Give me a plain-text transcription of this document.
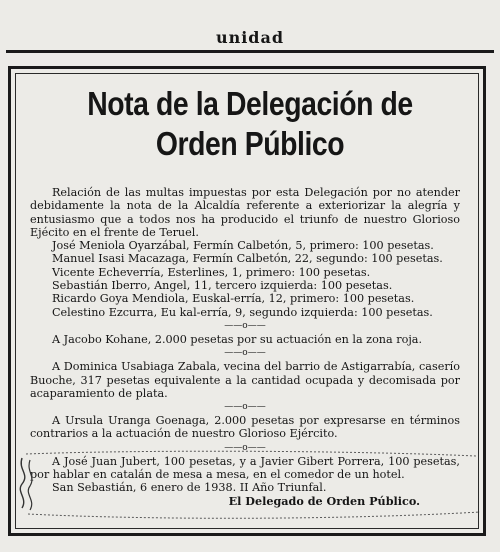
unidad
Nota de la Delegación de Orden Público

Relación de las multas impuestas por esta Delegación por no atender debidamente la nota de la Alcaldía referente a exteriorizar la alegría y entusiasmo que a todos nos ha producido el triunfo de nuestro Glorioso Ejécito en el frente de Teruel.

José Meniola Oyarzábal, Fermín Calbetón, 5, primero: 100 pesetas.

Manuel Isasi Macazaga, Fermín Calbetón, 22, segundo: 100 pesetas.

Vicente Echeverría, Esterlines, 1, primero: 100 pesetas.

Sebastián Iberro, Angel, 11, tercero izquierda: 100 pesetas.

Ricardo Goya Mendiola, Euskal-erría, 12, primero: 100 pesetas.

Celestino Ezcurra, Eu kal-erría, 9, segundo izquierda: 100 pesetas.

——o——

A Jacobo Kohane, 2.000 pesetas por su actuación en la zona roja.

——o——

A Dominica Usabiaga Zabala, vecina del barrio de Astigarrabía, caserío Buoche, 317 pesetas equivalente a la cantidad ocupada y decomisada por acaparamiento de plata.

——o——

A Ursula Uranga Goenaga, 2.000 pesetas por expresarse en términos contrarios a la actuación de nuestro Glorioso Ejército.

——o——

A José Juan Jubert, 100 pesetas, y a Javier Gibert Porrera, 100 pesetas, por hablar en catalán de mesa a mesa, en el comedor de un hotel.

San Sebastián, 6 enero de 1938. II Año Triunfal.

El Delegado de Orden Público.
